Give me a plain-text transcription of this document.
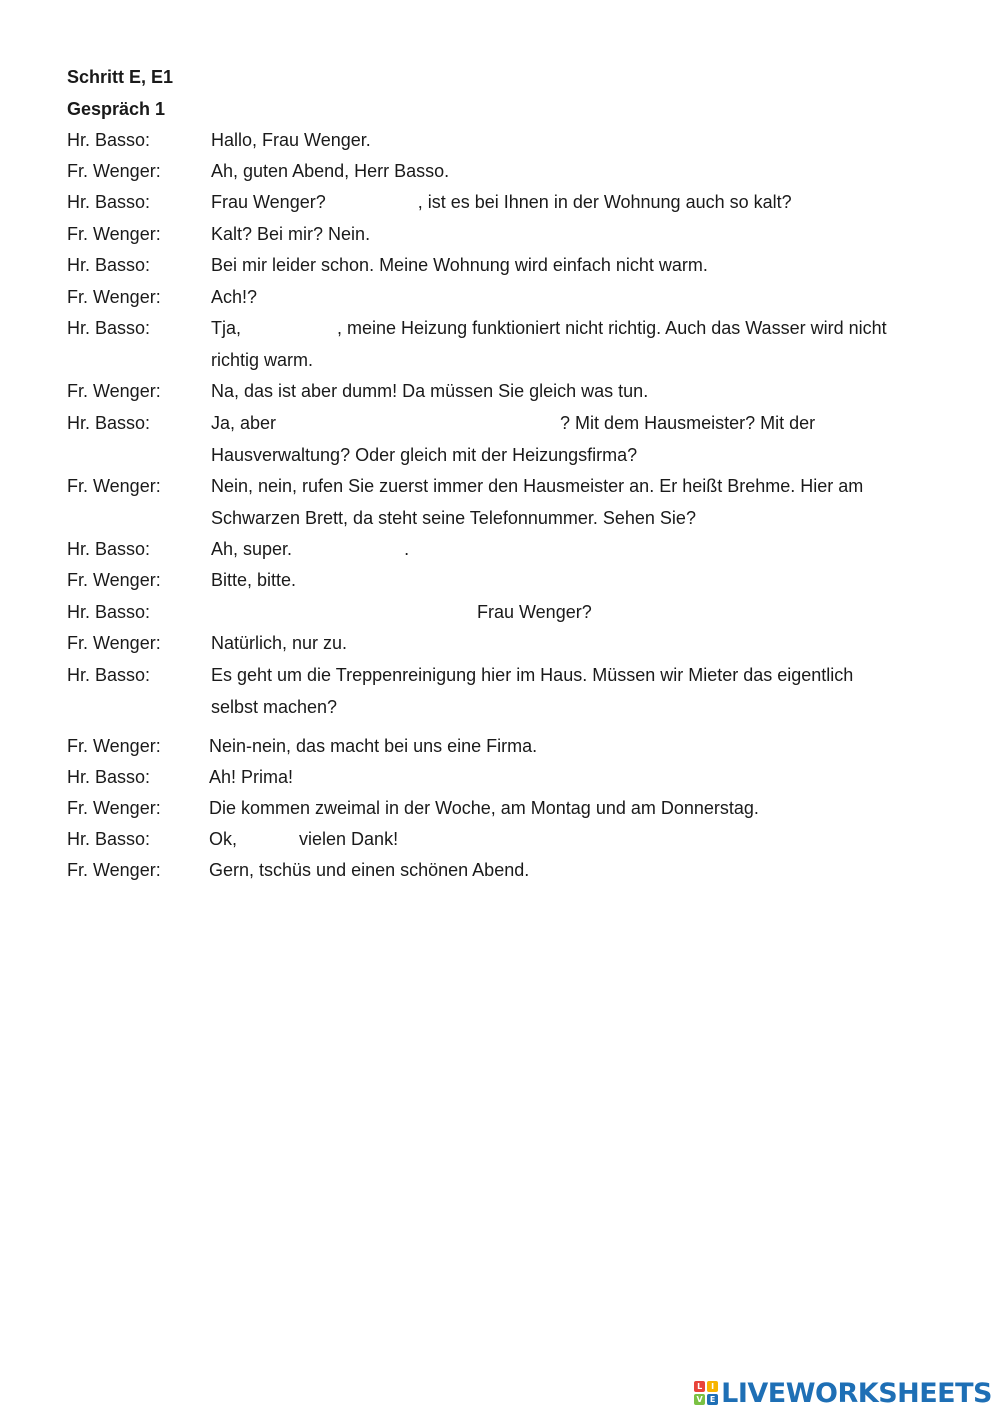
Schritt E, E1
Gespräch 1
Hr. Basso:	Hallo, Frau Wenger.
Fr. Wenger:	Ah, guten Abend, Herr Basso.
Hr. Basso:	Frau Wenger?	, ist es bei Ihnen in der Wohnung auch so kalt?
Fr. Wenger:	Kalt? Bei mir? Nein.
Hr. Basso:	Bei mir leider schon. Meine Wohnung wird einfach nicht warm.
Fr. Wenger:	Ach!?
Hr. Basso:	Tja,	, meine Heizung funktioniert nicht richtig. Auch das Wasser wird nicht
richtig warm.
Fr. Wenger:	Na, das ist aber dumm! Da müssen Sie gleich was tun.
Hr. Basso:	Ja, aber	? Mit dem Hausmeister? Mit der
Hausverwaltung? Oder gleich mit der Heizungsfirma?
Fr. Wenger:	Nein, nein, rufen Sie zuerst immer den Hausmeister an. Er heißt Brehme. Hier am
Schwarzen Brett, da steht seine Telefonnummer. Sehen Sie?
Hr. Basso:	Ah, super.	.
Fr. Wenger:	Bitte, bitte.
Hr. Basso:	Frau Wenger?
Fr. Wenger:	Natürlich, nur zu.
Hr. Basso:	Es geht um die Treppenreinigung hier im Haus. Müssen wir Mieter das eigentlich
selbst machen?
Fr. Wenger:	Nein-nein, das macht bei uns eine Firma.
Hr. Basso:	Ah! Prima!
Fr. Wenger:	Die kommen zweimal in der Woche, am Montag und am Donnerstag.
Hr. Basso:	Ok,	vielen Dank!
Fr. Wenger:	Gern, tschüs und einen schönen Abend.
L	I
V E LIVEWORKSHEETS
